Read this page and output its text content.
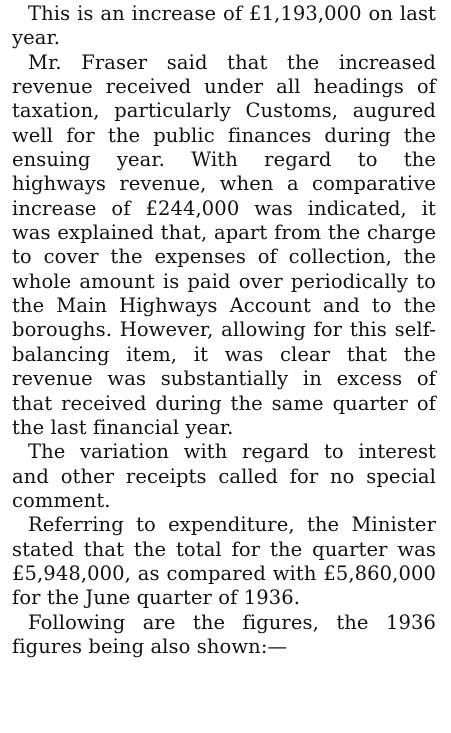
This is an increase of £1,193,000 on last year.

Mr. Fraser said that the increased revenue received under all headings of taxation, particularly Customs, augured well for the public finances during the ensuing year. With regard to the highways revenue, when a comparative increase of £244,000 was indicated, it was explained that, apart from the charge to cover the expenses of collection, the whole amount is paid over periodically to the Main Highways Account and to the boroughs. However, allowing for this self-balancing item, it was clear that the revenue was substantially in excess of that received during the same quarter of the last financial year.

The variation with regard to interest and other receipts called for no special comment.

Referring to expenditure, the Minister stated that the total for the quarter was £5,948,000, as compared with £5,860,000 for the June quarter of 1936.

Following are the figures, the 1936 figures being also shown:—
